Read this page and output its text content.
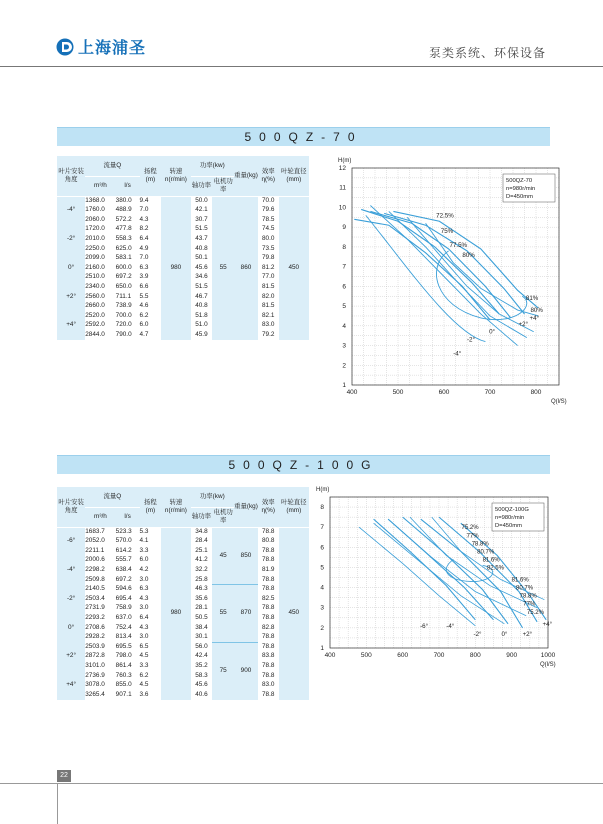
上海浦圣	泵类系统、环保设备
500QZ-70
叶片安装角度	流量Q		扬程(m)	转速n(r/min)	功率(kw)		重量(kg)	效率η(%)	叶轮直径(mm)
	m³/h	l/s			轴功率	电机功率			
-4°	1368.0	380.0	9.4	980	50.0	55	860	70.0	450
	1760.0	488.9	7.0		42.1			79.6	
	2060.0	572.2	4.3		30.7			78.5	
-2°	1720.0	477.8	8.2		51.5			74.5	
	2010.0	558.3	6.4		43.7			80.0	
	2250.0	625.0	4.9		40.8			73.5	
0°	2099.0	583.1	7.0		50.1			79.8	
	2160.0	600.0	6.3		45.6			81.2	
	2510.0	697.2	3.9		34.6			77.0	
+2°	2340.0	650.0	6.6		51.5			81.5	
	2560.0	711.1	5.5		46.7			82.0	
	2660.0	738.9	4.6		40.8			81.5	
+4°	2520.0	700.0	6.2		51.8			82.1	
	2592.0	720.0	6.0		51.0			83.0	
	2844.0	790.0	4.7		45.9			79.2	
400	500	600	700	800
1
2
3
4
5
6
7
8
9
10
11
12
H(m)
Q(l/S)
500QZ-70
n=980r/min
D=450mm
72.5%
75%
77.5%
80%
81%
80%
+4°
+2°
0°
-2°
-4°
500QZ-100G
叶片安装角度	流量Q		扬程(m)	转速n(r/min)	功率(kw)		重量(kg)	效率η(%)	叶轮直径(mm)
	m³/h	l/s			轴功率	电机功率			
-6°	1683.7	523.3	5.3	980	34.8	45	850	78.8	450
	2052.0	570.0	4.1		28.4			80.8	
	2211.1	614.2	3.3		25.1			78.8	
-4°	2000.6	555.7	6.0		41.2			78.8	
	2298.2	638.4	4.2		32.2			81.9	
	2509.8	697.2	3.0		25.8			78.8	
-2°	2140.5	594.6	6.3		46.3	55	870	78.8	
	2503.4	695.4	4.3		35.6			82.5	
	2731.9	758.9	3.0		28.1			78.8	
0°	2293.2	637.0	6.4		50.5			78.8	
	2708.6	752.4	4.3		38.4			82.8	
	2928.2	813.4	3.0		30.1			78.8	
+2°	2503.9	695.5	6.5		56.0	75	900	78.8	
	2872.8	798.0	4.5		42.4			83.8	
	3101.0	861.4	3.3		35.2			78.8	
+4°	2736.9	760.3	6.2		58.3			78.8	
	3078.0	855.0	4.5		45.6			83.0	
	3265.4	907.1	3.6		40.6			78.8	
400	500	600	700	800	900	1000
1
2
3
4
5
6
7
8
H(m)
Q(l/S)
500QZ-100G
n=980r/min
D=450mm
75.2%
77%
78.8%
80.7%
81.6%
82.5%
81.6%
80.7%
78.8%
77%
75.2%
-6°	-4°
-2°	0° +2°
+4°
22
